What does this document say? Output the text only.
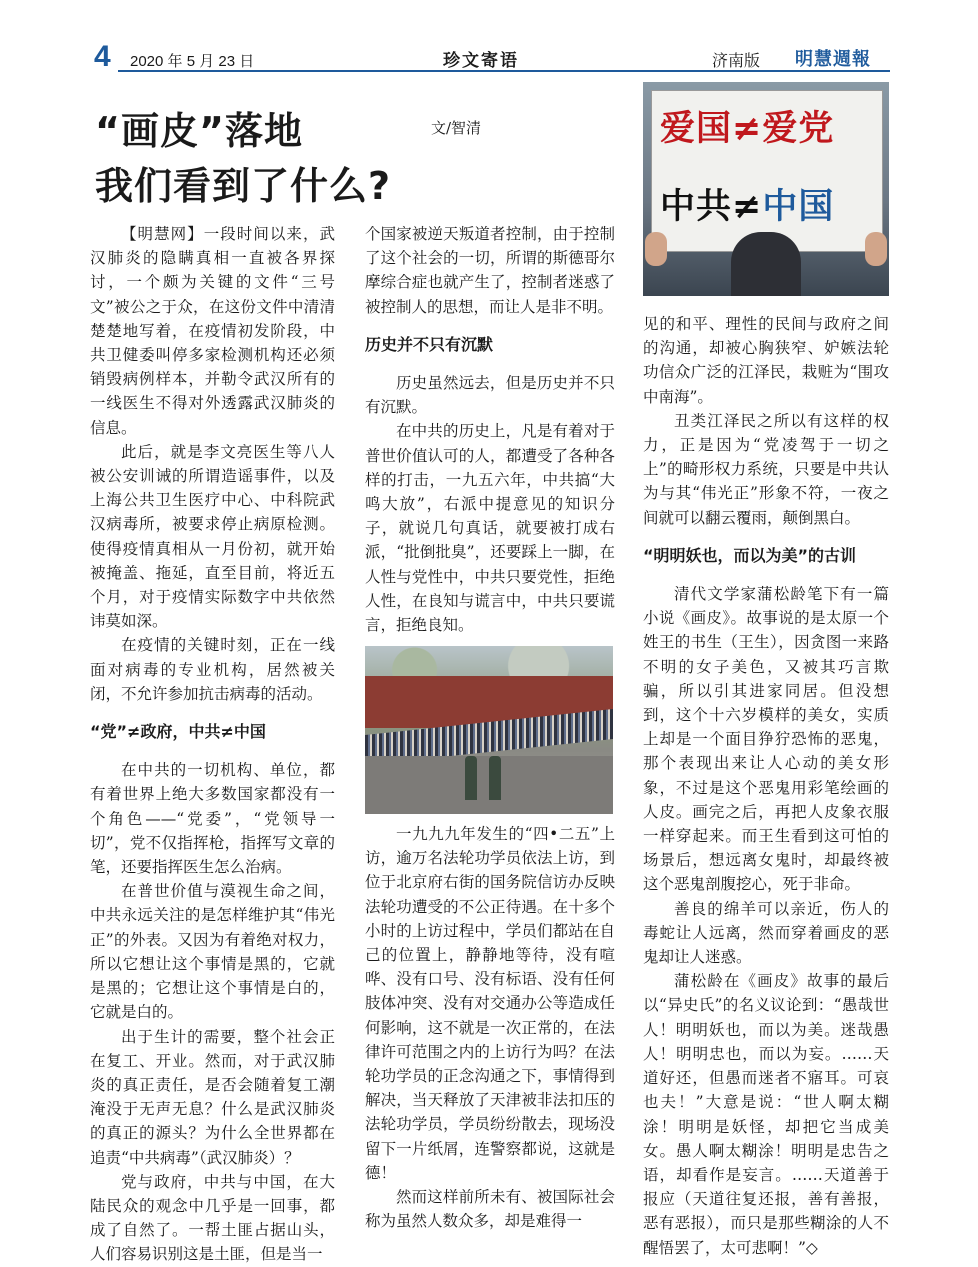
4 2020 年 5 月 23 日	珍文寄语	济南版 明慧週報
“画皮”落地
我们看到了什么?
文/智清	爱国≠爱党
中共≠中国

【明慧网】一段时间以来，武汉肺炎的隐瞒真相一直被各界探讨，一个颇为关键的文件“三号文”被公之于众，在这份文件中清清楚楚地写着，在疫情初发阶段，中共卫健委叫停多家检测机构还必须销毁病例样本，并勒令武汉所有的一线医生不得对外透露武汉肺炎的信息。

此后，就是李文亮医生等八人被公安训诫的所谓造谣事件，以及上海公共卫生医疗中心、中科院武汉病毒所，被要求停止病原检测。使得疫情真相从一月份初，就开始被掩盖、拖延，直至目前，将近五个月，对于疫情实际数字中共依然讳莫如深。

在疫情的关键时刻，正在一线面对病毒的专业机构，居然被关闭，不允许参加抗击病毒的活动。

“党”≠政府，中共≠中国

在中共的一切机构、单位，都有着世界上绝大多数国家都没有一个角色——“党委”，“党领导一切”，党不仅指挥枪，指挥写文章的笔，还要指挥医生怎么治病。

在普世价值与漠视生命之间，中共永远关注的是怎样维护其“伟光正”的外表。又因为有着绝对权力，所以它想让这个事情是黑的，它就是黑的；它想让这个事情是白的，它就是白的。

出于生计的需要，整个社会正在复工、开业。然而，对于武汉肺炎的真正责任，是否会随着复工潮淹没于无声无息？什么是武汉肺炎的真正的源头？为什么全世界都在追责“中共病毒”（武汉肺炎）？

党与政府，中共与中国，在大陆民众的观念中几乎是一回事，都成了自然了。一帮土匪占据山头，人们容易识别这是土匪，但是当一

个国家被逆天叛道者控制，由于控制了这个社会的一切，所谓的斯德哥尔摩综合症也就产生了，控制者迷惑了被控制人的思想，而让人是非不明。

历史并不只有沉默

历史虽然远去，但是历史并不只有沉默。

在中共的历史上，凡是有着对于普世价值认可的人，都遭受了各种各样的打击，一九五六年，中共搞“大鸣大放”，右派中提意见的知识分子，就说几句真话，就要被打成右派，“批倒批臭”，还要踩上一脚，在人性与党性中，中共只要党性，拒绝人性，在良知与谎言中，中共只要谎言，拒绝良知。

一九九九年发生的“四•二五”上访，逾万名法轮功学员依法上访，到位于北京府右街的国务院信访办反映法轮功遭受的不公正待遇。在十多个小时的上访过程中，学员们都站在自己的位置上，静静地等待，没有喧哗、没有口号、没有标语、没有任何肢体冲突、没有对交通办公等造成任何影响，这不就是一次正常的，在法律许可范围之内的上访行为吗？在法轮功学员的正念沟通之下，事情得到解决，当天释放了天津被非法扣压的法轮功学员，学员纷纷散去，现场没留下一片纸屑，连警察都说，这就是德！

然而这样前所未有、被国际社会称为虽然人数众多，却是难得一

见的和平、理性的民间与政府之间的沟通，却被心胸狭窄、妒嫉法轮功信众广泛的江泽民，栽赃为“围攻中南海”。

丑类江泽民之所以有这样的权力，正是因为“党凌驾于一切之上”的畸形权力系统，只要是中共认为与其“伟光正”形象不符，一夜之间就可以翻云覆雨，颠倒黑白。

“明明妖也，而以为美”的古训

清代文学家蒲松龄笔下有一篇小说《画皮》。故事说的是太原一个姓王的书生（王生），因贪图一来路不明的女子美色，又被其巧言欺骗，所以引其进家同居。但没想到，这个十六岁模样的美女，实质上却是一个面目狰狞恐怖的恶鬼，那个表现出来让人心动的美女形象，不过是这个恶鬼用彩笔绘画的人皮。画完之后，再把人皮象衣服一样穿起来。而王生看到这可怕的场景后，想远离女鬼时，却最终被这个恶鬼剖腹挖心，死于非命。

善良的绵羊可以亲近，伤人的毒蛇让人远离，然而穿着画皮的恶鬼却让人迷惑。

蒲松龄在《画皮》故事的最后以“异史氏”的名义议论到：“愚哉世人！明明妖也，而以为美。迷哉愚人！明明忠也，而以为妄。……天道好还，但愚而迷者不寤耳。可哀也夫！”大意是说：“世人啊太糊涂！明明是妖怪，却把它当成美女。愚人啊太糊涂！明明是忠告之语，却看作是妄言。……天道善于报应（天道往复还报，善有善报，恶有恶报），而只是那些糊涂的人不醒悟罢了，太可悲啊！”◇
